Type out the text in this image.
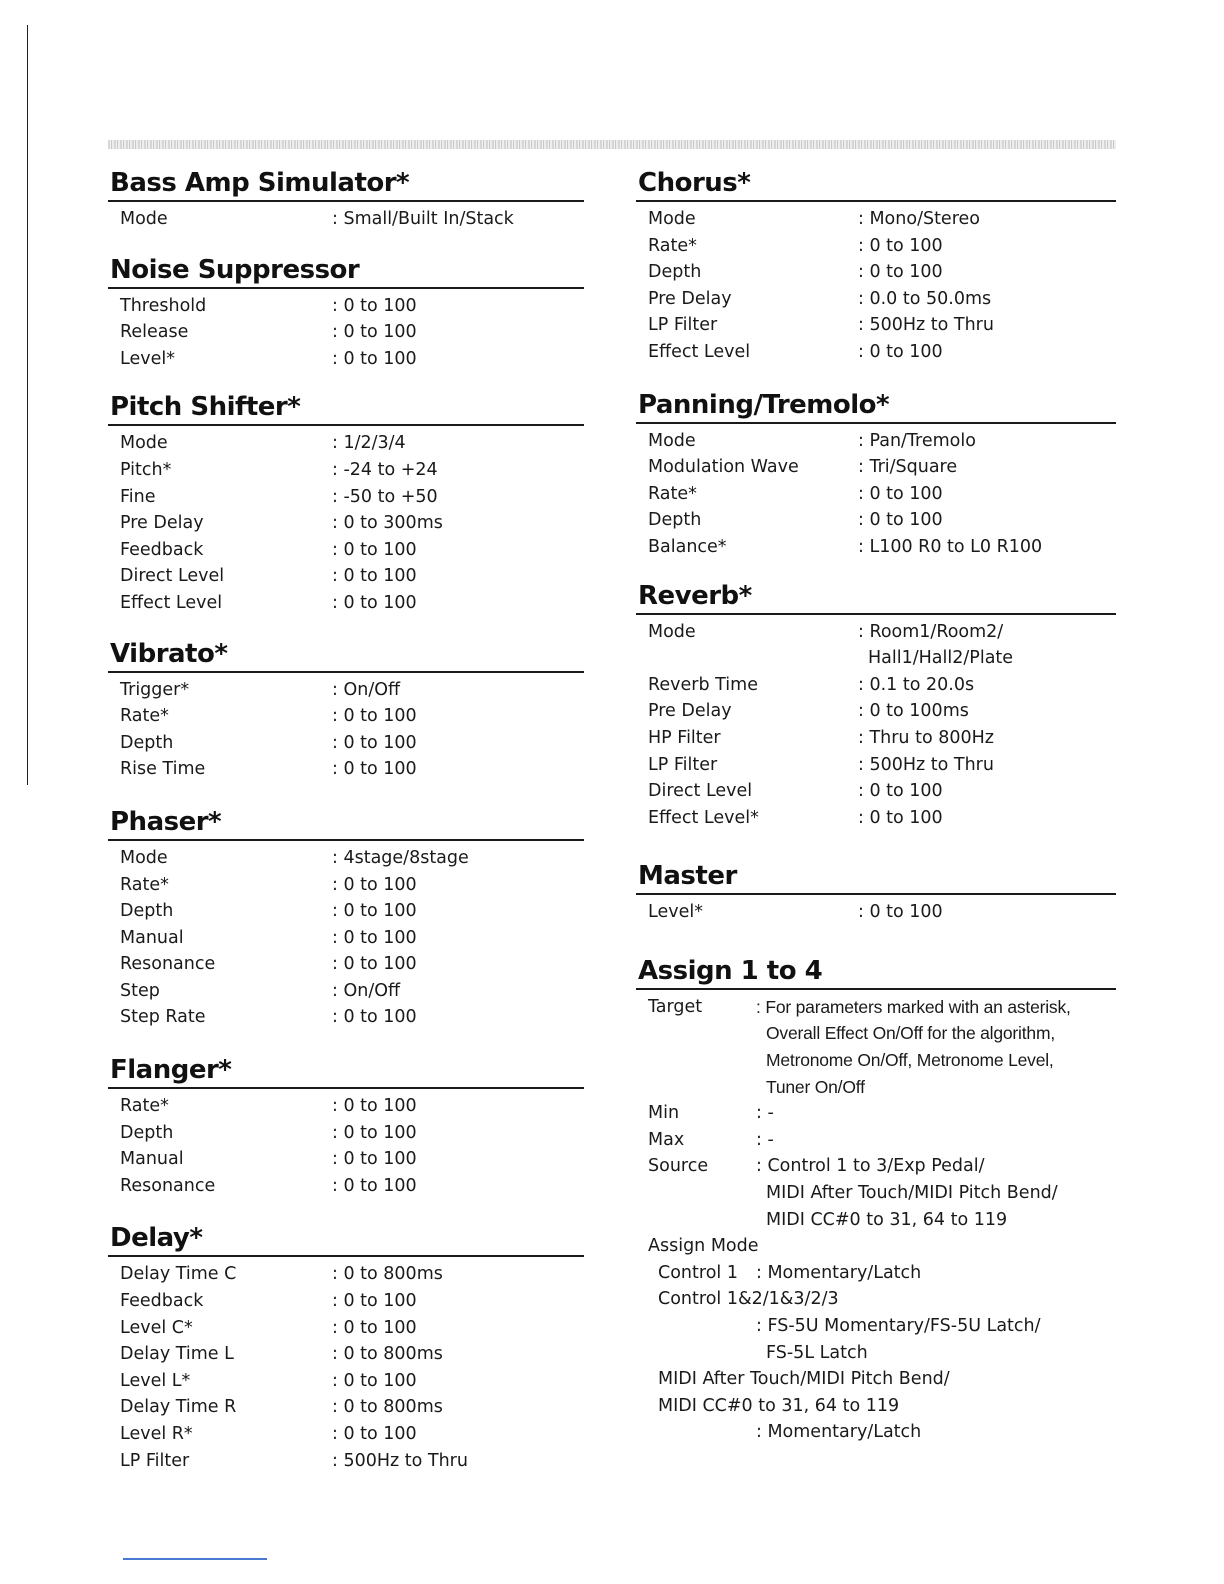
Bass Amp Simulator*
Mode	: Small/Built In/Stack
Noise Suppressor
Threshold	: 0 to 100
Release	: 0 to 100
Level*	: 0 to 100
Pitch Shifter*
Mode	: 1/2/3/4
Pitch*	: -24 to +24
Fine	: -50 to +50
Pre Delay	: 0 to 300ms
Feedback	: 0 to 100
Direct Level	: 0 to 100
Effect Level	: 0 to 100
Vibrato*
Trigger*	: On/Off
Rate*	: 0 to 100
Depth	: 0 to 100
Rise Time	: 0 to 100
Phaser*
Mode	: 4stage/8stage
Rate*	: 0 to 100
Depth	: 0 to 100
Manual	: 0 to 100
Resonance	: 0 to 100
Step	: On/Off
Step Rate	: 0 to 100
Flanger*
Rate*	: 0 to 100
Depth	: 0 to 100
Manual	: 0 to 100
Resonance	: 0 to 100
Delay*
Delay Time C	: 0 to 800ms
Feedback	: 0 to 100
Level C*	: 0 to 100
Delay Time L	: 0 to 800ms
Level L*	: 0 to 100
Delay Time R	: 0 to 800ms
Level R*	: 0 to 100
LP Filter	: 500Hz to Thru
Chorus*
Mode	: Mono/Stereo
Rate*	: 0 to 100
Depth	: 0 to 100
Pre Delay	: 0.0 to 50.0ms
LP Filter	: 500Hz to Thru
Effect Level	: 0 to 100
Panning/Tremolo*
Mode	: Pan/Tremolo
Modulation Wave	: Tri/Square
Rate*	: 0 to 100
Depth	: 0 to 100
Balance*	: L100 R0 to L0 R100
Reverb*
Mode	: Room1/Room2/
Hall1/Hall2/Plate
Reverb Time	: 0.1 to 20.0s
Pre Delay	: 0 to 100ms
HP Filter	: Thru to 800Hz
LP Filter	: 500Hz to Thru
Direct Level	: 0 to 100
Effect Level*	: 0 to 100
Master
Level*	: 0 to 100
Assign 1 to 4
Target	: For parameters marked with an asterisk,
Overall Effect On/Off for the algorithm,
Metronome On/Off, Metronome Level,
Tuner On/Off
Min	: -
Max	: -
Source	: Control 1 to 3/Exp Pedal/
MIDI After Touch/MIDI Pitch Bend/
MIDI CC#0 to 31, 64 to 119
Assign Mode
Control 1 : Momentary/Latch
Control 1&2/1&3/2/3
: FS-5U Momentary/FS-5U Latch/
FS-5L Latch
MIDI After Touch/MIDI Pitch Bend/
MIDI CC#0 to 31, 64 to 119
: Momentary/Latch
